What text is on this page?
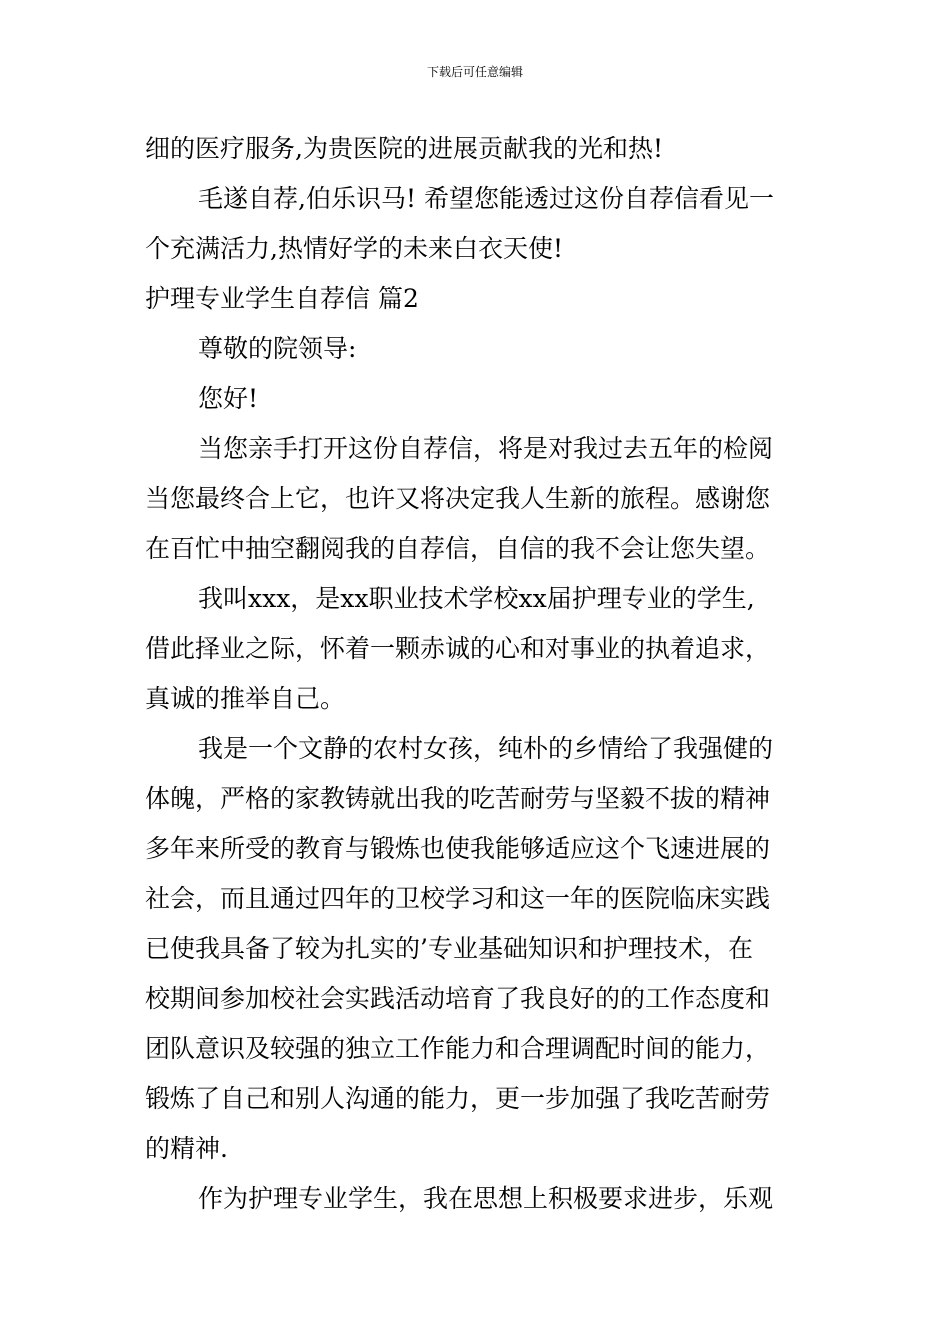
下载后可任意编辑
细的医疗服务,为贵医院的进展贡献我的光和热!
毛遂自荐,伯乐识马! 希望您能透过这份自荐信看见一
个充满活力,热情好学的未来白衣天使!
护理专业学生自荐信 篇2
尊敬的院领导:
您好!
当您亲手打开这份自荐信，将是对我过去五年的检阅
当您最终合上它，也许又将决定我人生新的旅程。感谢您
在百忙中抽空翻阅我的自荐信，自信的我不会让您失望。
我叫xxx，是xx职业技术学校xx届护理专业的学生,
借此择业之际，怀着一颗赤诚的心和对事业的执着追求，
真诚的推举自己。
我是一个文静的农村女孩，纯朴的乡情给了我强健的
体魄，严格的家教铸就出我的吃苦耐劳与坚毅不拔的精神
多年来所受的教育与锻炼也使我能够适应这个飞速进展的
社会，而且通过四年的卫校学习和这一年的医院临床实践
已使我具备了较为扎实的’专业基础知识和护理技术，在
校期间参加校社会实践活动培育了我良好的的工作态度和
团队意识及较强的独立工作能力和合理调配时间的能力，
锻炼了自己和别人沟通的能力，更一步加强了我吃苦耐劳
的精神.
作为护理专业学生，我在思想上积极要求进步，乐观
